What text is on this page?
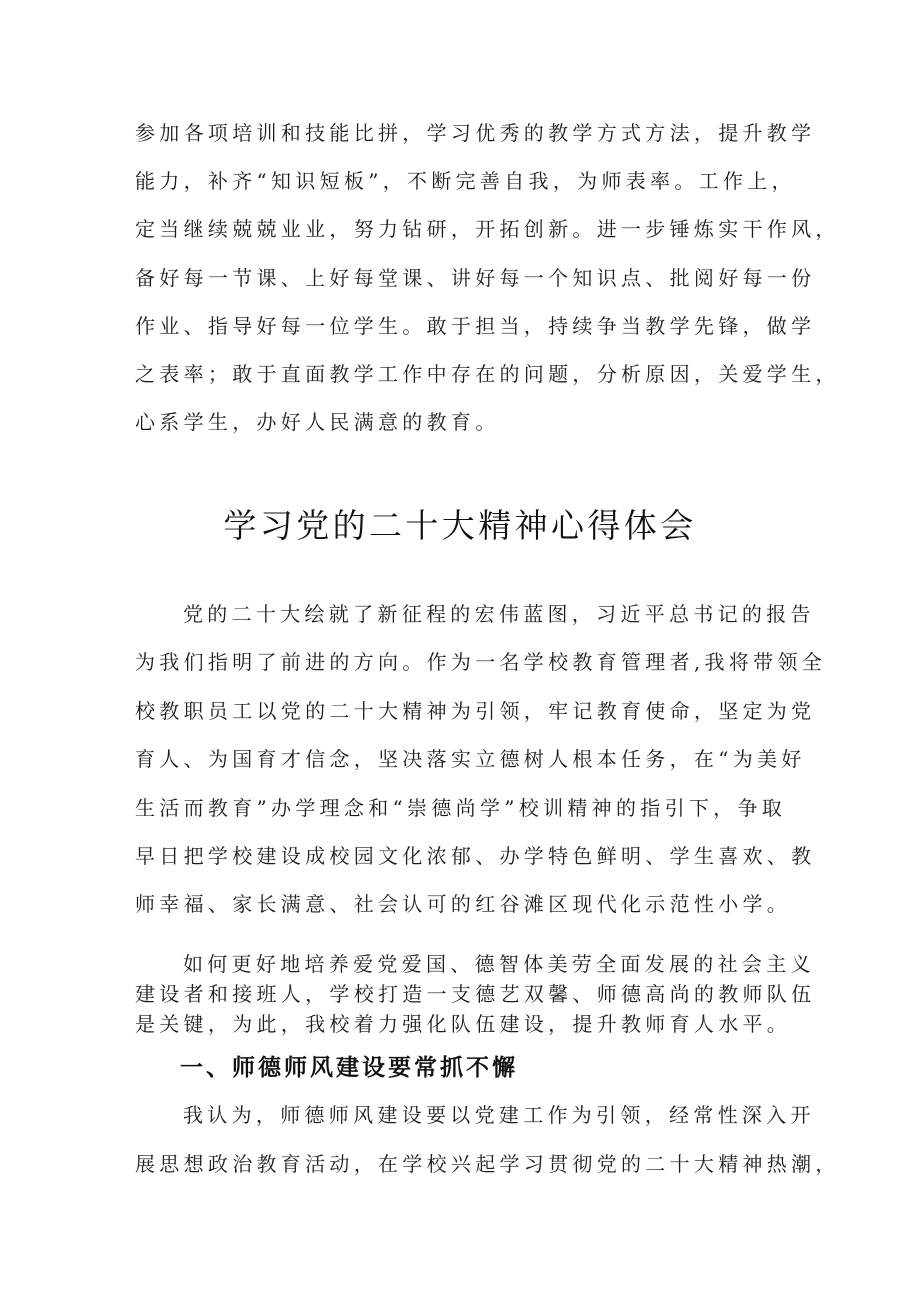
参加各项培训和技能比拼，学习优秀的教学方式方法，提升教学
能力，补齐“知识短板”，不断完善自我，为师表率。工作上，
定当继续兢兢业业，努力钻研，开拓创新。进一步锤炼实干作风，
备好每一节课、上好每堂课、讲好每一个知识点、批阅好每一份
作业、指导好每一位学生。敢于担当，持续争当教学先锋，做学
之表率；敢于直面教学工作中存在的问题，分析原因，关爱学生，
心系学生，办好人民满意的教育。
学习党的二十大精神心得体会
党的二十大绘就了新征程的宏伟蓝图，习近平总书记的报告
为我们指明了前进的方向。作为一名学校教育管理者,我将带领全
校教职员工以党的二十大精神为引领，牢记教育使命，坚定为党
育人、为国育才信念，坚决落实立德树人根本任务，在“为美好
生活而教育”办学理念和“崇德尚学”校训精神的指引下，争取
早日把学校建设成校园文化浓郁、办学特色鲜明、学生喜欢、教
师幸福、家长满意、社会认可的红谷滩区现代化示范性小学。
如何更好地培养爱党爱国、德智体美劳全面发展的社会主义
建设者和接班人，学校打造一支德艺双馨、师德高尚的教师队伍
是关键，为此，我校着力强化队伍建设，提升教师育人水平。
一、师德师风建设要常抓不懈
我认为，师德师风建设要以党建工作为引领，经常性深入开
展思想政治教育活动，在学校兴起学习贯彻党的二十大精神热潮，
